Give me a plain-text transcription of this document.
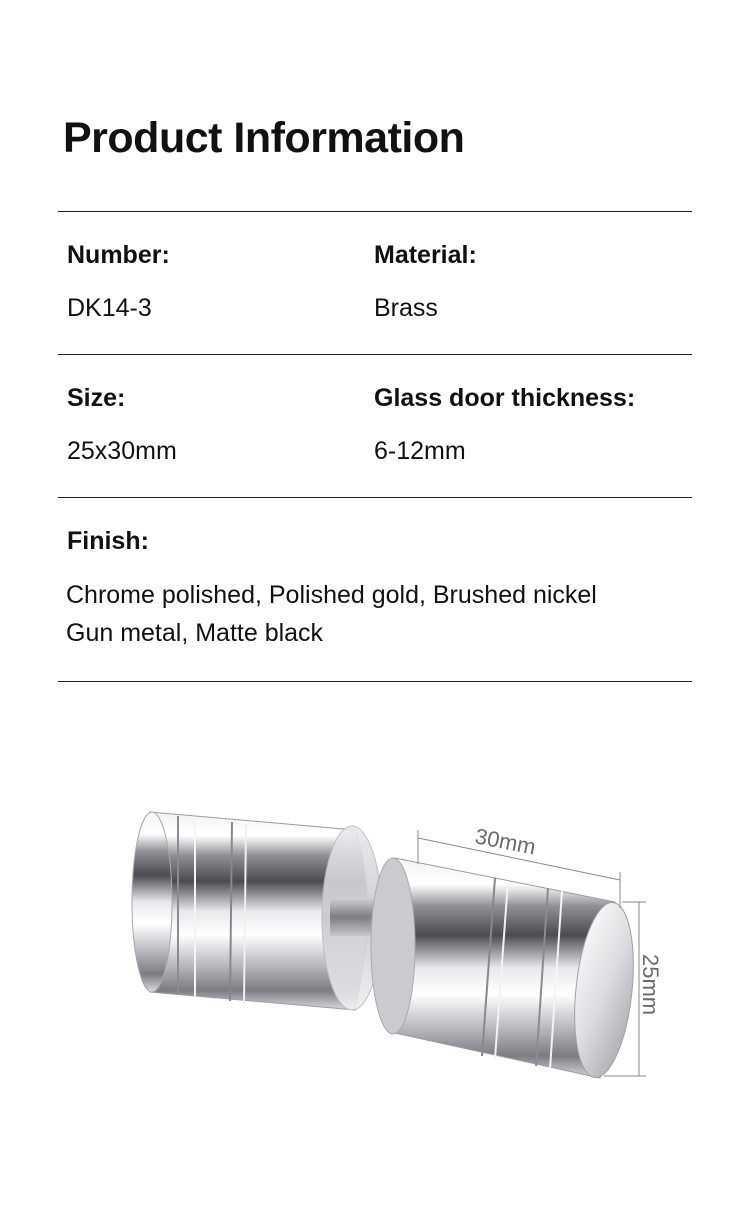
Product Information
Number:
DK14-3
Material:
Brass
Size:
25x30mm
Glass door thickness:
6-12mm
Finish:
Chrome polished, Polished gold, Brushed nickel
Gun metal, Matte black
30mm
25mm
